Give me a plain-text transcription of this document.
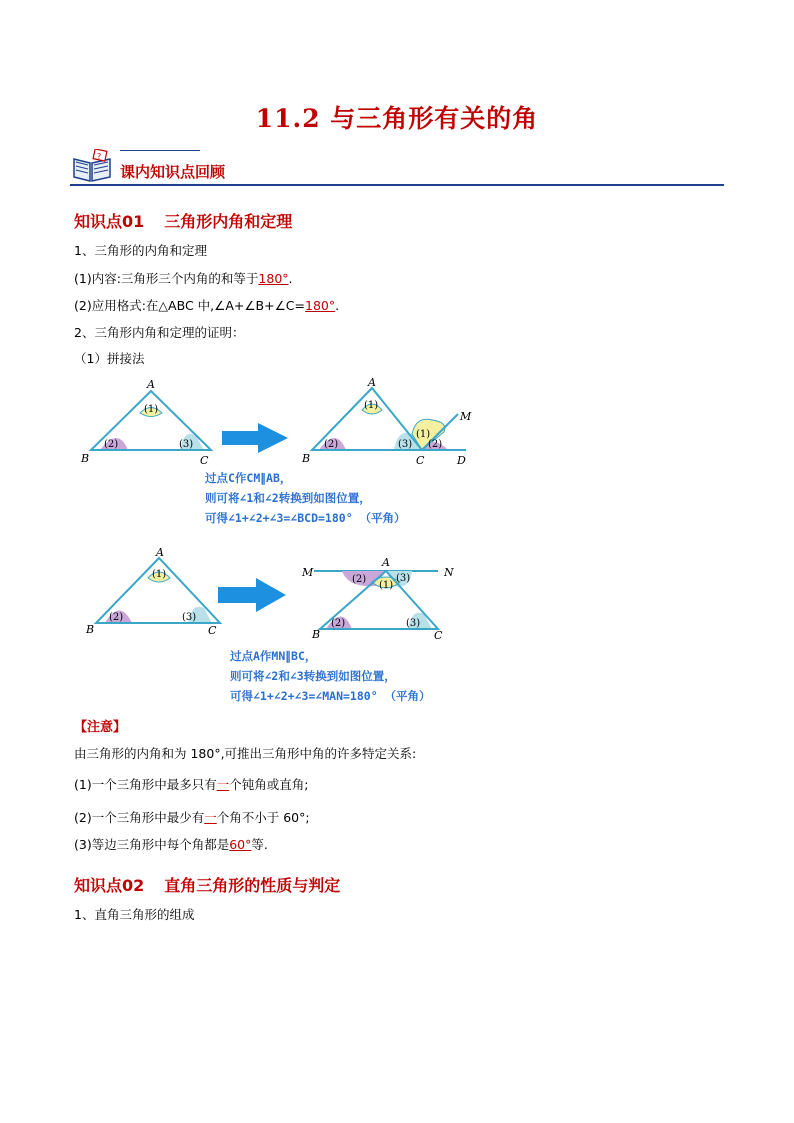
11.2 与三角形有关的角
?
课内知识点回顾
知识点01 三角形内角和定理
1、三角形的内角和定理
(1)内容:三角形三个内角的和等于180°.
(2)应用格式:在△ABC 中,∠A+∠B+∠C=180°.
2、三角形内角和定理的证明：
（1）拼接法
A
B	C
(1)
(2)	(3)
A
B	C	D
M
(1)
(2)	(3)
(1)
(2)
过点C作CM∥AB，
则可将∠1和∠2转换到如图位置，
可得∠1+∠2+∠3=∠BCD=180° （平角）
A
B	C
(1)
(2)	(3)
M	N
A
B	C
(2)
(1)
(3)
(2)	(3)
过点A作MN∥BC，
则可将∠2和∠3转换到如图位置，
可得∠1+∠2+∠3=∠MAN=180° （平角）
【注意】
由三角形的内角和为 180°,可推出三角形中角的许多特定关系:
(1)一个三角形中最多只有一个钝角或直角;
(2)一个三角形中最少有一个角不小于 60°;
(3)等边三角形中每个角都是60°等.
知识点02 直角三角形的性质与判定
1、直角三角形的组成
